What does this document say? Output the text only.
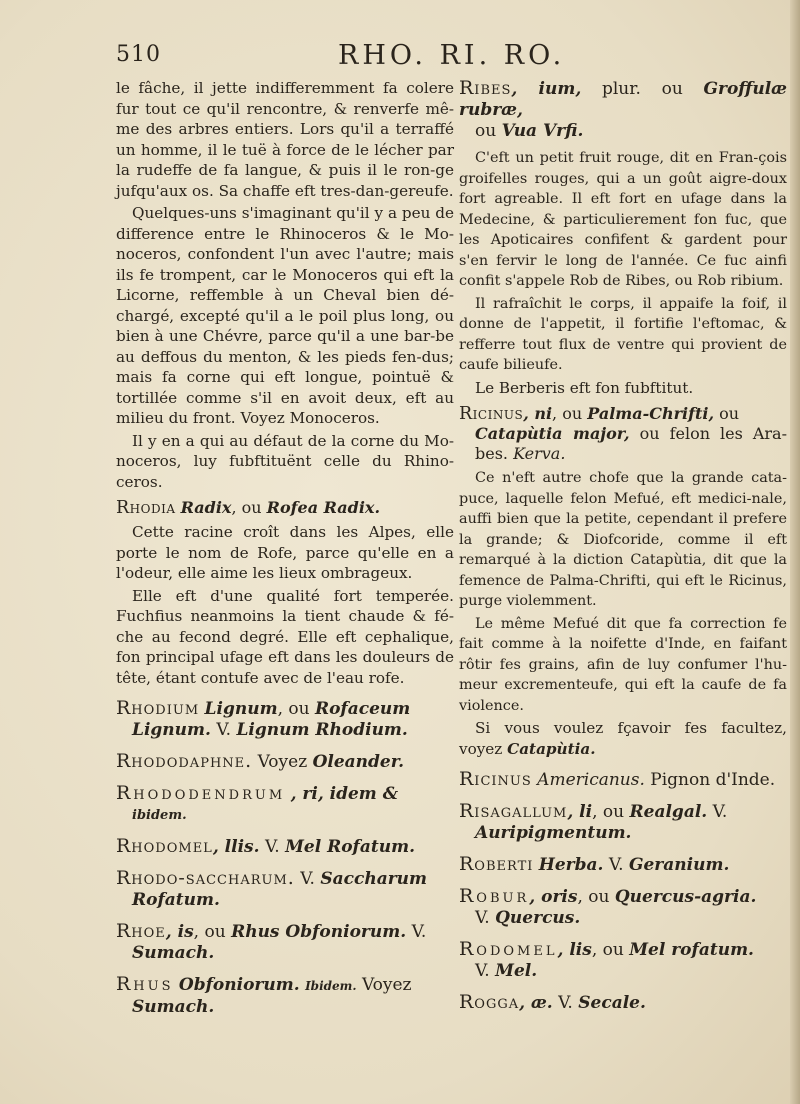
510	RHO. RI. RO.

le fâche, il jette indifferemment fa colere fur tout ce qu'il rencontre, & renverfe mê-me des arbres entiers. Lors qu'il a terraffé un homme, il le tuë à force de le lécher par la rudeffe de fa langue, & puis il le ron-ge jufqu'aux os. Sa chaffe eft tres-dan-gereufe.

Quelques-uns s'imaginant qu'il y a peu de difference entre le Rhinoceros & le Mo-noceros, confondent l'un avec l'autre; mais ils fe trompent, car le Monoceros qui eft la Licorne, reffemble à un Cheval bien dé-chargé, excepté qu'il a le poil plus long, ou bien à une Chévre, parce qu'il a une bar-be au deffous du menton, & les pieds fen-dus; mais fa corne qui eft longue, pointuë & tortillée comme s'il en avoit deux, eft au milieu du front. Voyez Monoceros.

Il y en a qui au défaut de la corne du Mo-noceros, luy fubftituënt celle du Rhino-ceros.

Rhodia Radix, ou Rofea Radix.

Cette racine croît dans les Alpes, elle porte le nom de Rofe, parce qu'elle en a l'odeur, elle aime les lieux ombrageux.

Elle eft d'une qualité fort temperée. Fuchfius neanmoins la tient chaude & fé-che au fecond degré. Elle eft cephalique, fon principal ufage eft dans les douleurs de tête, étant contufe avec de l'eau rofe.

Rhodium Lignum, ou Rofaceum
Lignum. V. Lignum Rhodium.
Rhododaphne. Voyez Oleander.
Rhododendrum , ri, idem &
ibidem.
Rhodomel, llis. V. Mel Rofatum.
Rhodo-saccharum. V. Saccharum
Rofatum.
Rhoe, is, ou Rhus Obfoniorum. V.
Sumach.
Rhus Obfoniorum. Ibidem. Voyez
Sumach.
Ribes, ium, plur. ou Groffulæ rubræ,
ou Vua Vrfi.

C'eft un petit fruit rouge, dit en Fran-çois groifelles rouges, qui a un goût aigre-doux fort agreable. Il eft fort en ufage dans la Medecine, & particulierement fon fuc, que les Apoticaires confifent & gardent pour s'en fervir le long de l'année. Ce fuc ainfi confit s'appele Rob de Ribes, ou Rob ribium.

Il rafraîchit le corps, il appaife la foif, il donne de l'appetit, il fortifie l'eftomac, & refferre tout flux de ventre qui provient de caufe bilieufe.

Le Berberis eft fon fubftitut.

Ricinus, ni, ou Palma-Chrifti, ou
Catapùtia major, ou felon les Ara-bes. Kerva.

Ce n'eft autre chofe que la grande cata-puce, laquelle felon Mefué, eft medici-nale, auffi bien que la petite, cependant il prefere la grande; & Diofcoride, comme il eft remarqué à la diction Catapùtia, dit que la femence de Palma-Chrifti, qui eft le Ricinus, purge violemment.

Le même Mefué dit que fa correction fe fait comme à la noifette d'Inde, en faifant rôtir fes grains, afin de luy confumer l'hu-meur excrementeufe, qui eft la caufe de fa violence.

Si vous voulez fçavoir fes facultez, voyez Catapùtia.

Ricinus Americanus. Pignon d'Inde.
Risagallum, li, ou Realgal. V.
Auripigmentum.
Roberti Herba. V. Geranium.
Robur, oris, ou Quercus-agria.
V. Quercus.
Rodomel, lis, ou Mel rofatum.
V. Mel.
Rogga, æ. V. Secale.
